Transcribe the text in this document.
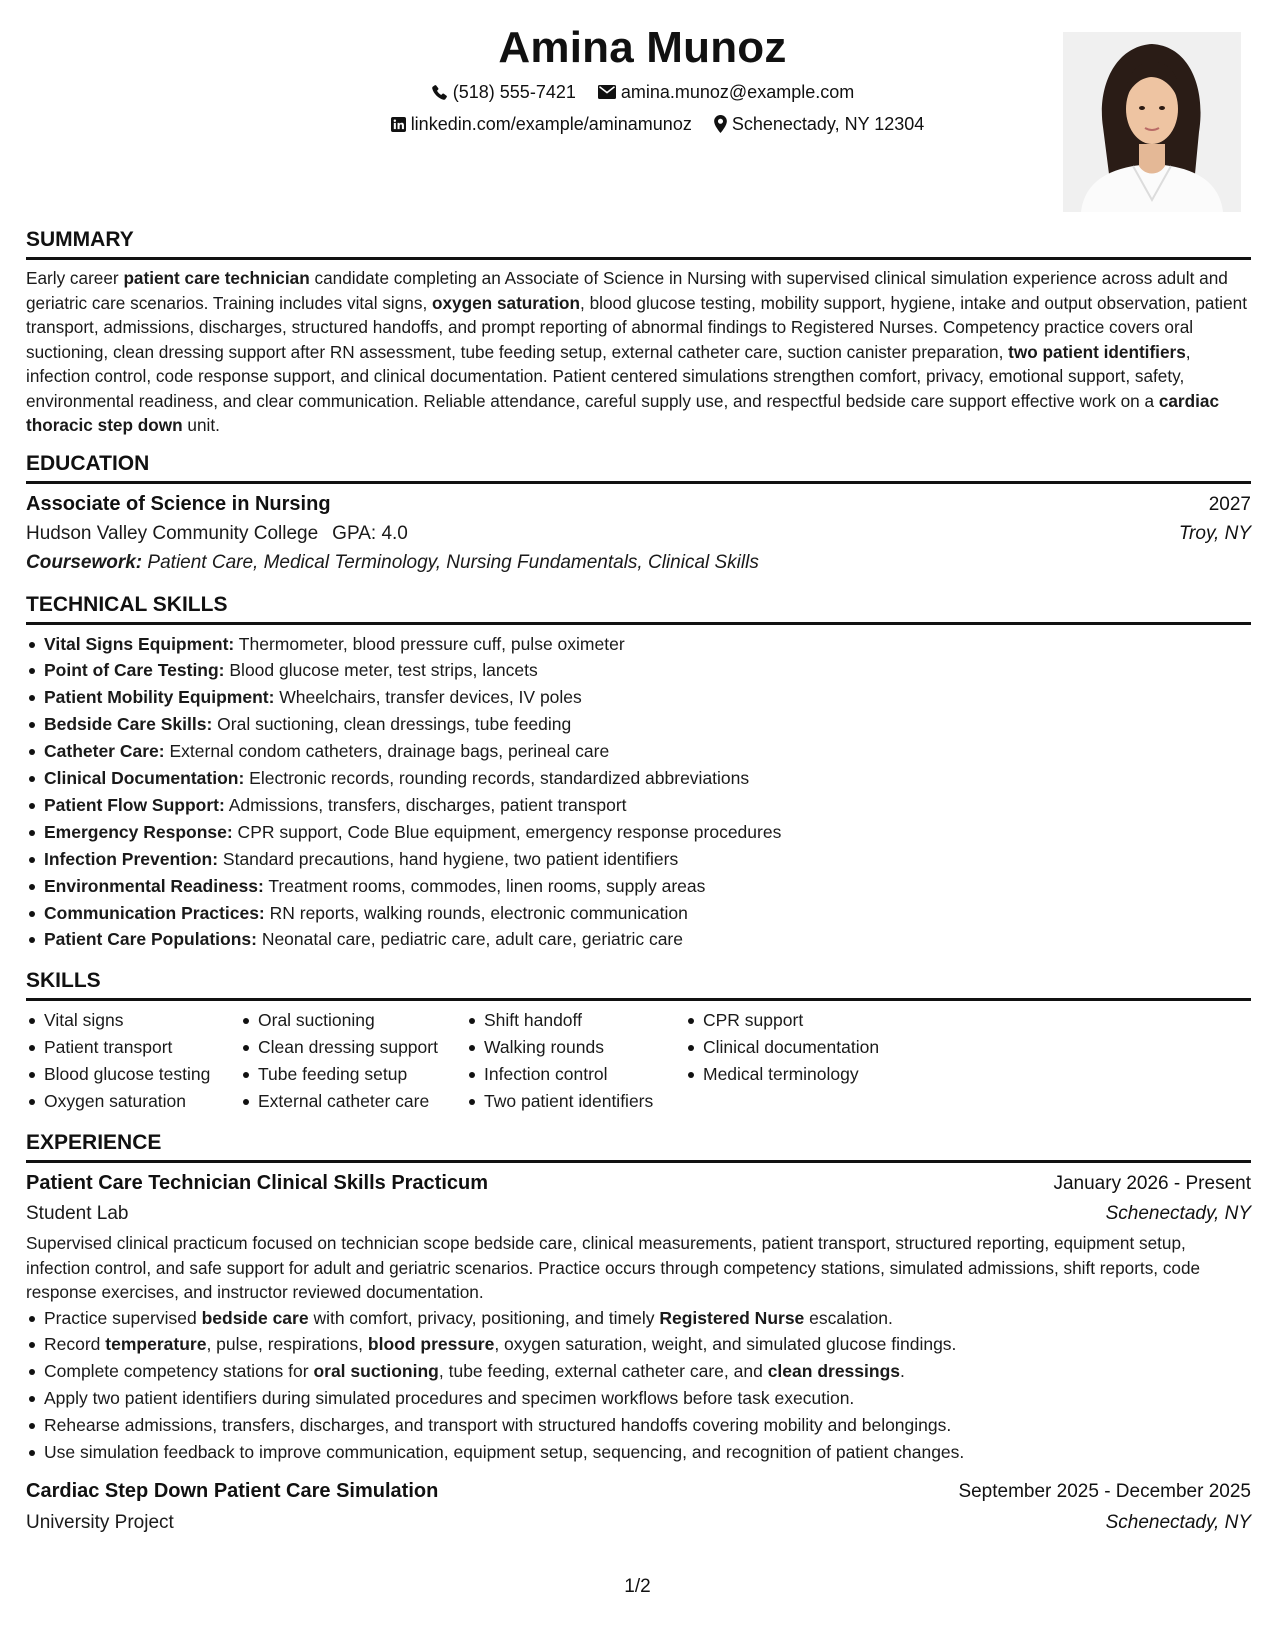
Amina Munoz
(518) 555-7421	amina.munoz@example.com
linkedin.com/example/aminamunoz Schenectady, NY 12304
SUMMARY

Early career patient care technician candidate completing an Associate of Science in Nursing with supervised clinical simulation experience across adult and geriatric care scenarios. Training includes vital signs, oxygen saturation, blood glucose testing, mobility support, hygiene, intake and output observation, patient transport, admissions, discharges, structured handoffs, and prompt reporting of abnormal findings to Registered Nurses. Competency practice covers oral suctioning, clean dressing support after RN assessment, tube feeding setup, external catheter care, suction canister preparation, two patient identifiers, infection control, code response support, and clinical documentation. Patient centered simulations strengthen comfort, privacy, emotional support, safety, environmental readiness, and clear communication. Reliable attendance, careful supply use, and respectful bedside care support effective work on a cardiac thoracic step down unit.

EDUCATION
Associate of Science in Nursing	2027
Hudson Valley Community College GPA: 4.0	Troy, NY
Coursework: Patient Care, Medical Terminology, Nursing Fundamentals, Clinical Skills
TECHNICAL SKILLS
Vital Signs Equipment: Thermometer, blood pressure cuff, pulse oximeter
Point of Care Testing: Blood glucose meter, test strips, lancets
Patient Mobility Equipment: Wheelchairs, transfer devices, IV poles
Bedside Care Skills: Oral suctioning, clean dressings, tube feeding
Catheter Care: External condom catheters, drainage bags, perineal care
Clinical Documentation: Electronic records, rounding records, standardized abbreviations
Patient Flow Support: Admissions, transfers, discharges, patient transport
Emergency Response: CPR support, Code Blue equipment, emergency response procedures
Infection Prevention: Standard precautions, hand hygiene, two patient identifiers
Environmental Readiness: Treatment rooms, commodes, linen rooms, supply areas
Communication Practices: RN reports, walking rounds, electronic communication
Patient Care Populations: Neonatal care, pediatric care, adult care, geriatric care
SKILLS
Vital signs
Patient transport
Blood glucose testing
Oxygen saturation
Oral suctioning
Clean dressing support
Tube feeding setup
External catheter care
Shift handoff
Walking rounds
Infection control
Two patient identifiers
CPR support
Clinical documentation
Medical terminology
EXPERIENCE
Patient Care Technician Clinical Skills Practicum	January 2026 - Present
Student Lab	Schenectady, NY

Supervised clinical practicum focused on technician scope bedside care, clinical measurements, patient transport, structured reporting, equipment setup, infection control, and safe support for adult and geriatric scenarios. Practice occurs through competency stations, simulated admissions, shift reports, code response exercises, and instructor reviewed documentation.

Practice supervised bedside care with comfort, privacy, positioning, and timely Registered Nurse escalation.
Record temperature, pulse, respirations, blood pressure, oxygen saturation, weight, and simulated glucose findings.
Complete competency stations for oral suctioning, tube feeding, external catheter care, and clean dressings.
Apply two patient identifiers during simulated procedures and specimen workflows before task execution.
Rehearse admissions, transfers, discharges, and transport with structured handoffs covering mobility and belongings.
Use simulation feedback to improve communication, equipment setup, sequencing, and recognition of patient changes.
Cardiac Step Down Patient Care Simulation	September 2025 - December 2025
University Project	Schenectady, NY
1/2
